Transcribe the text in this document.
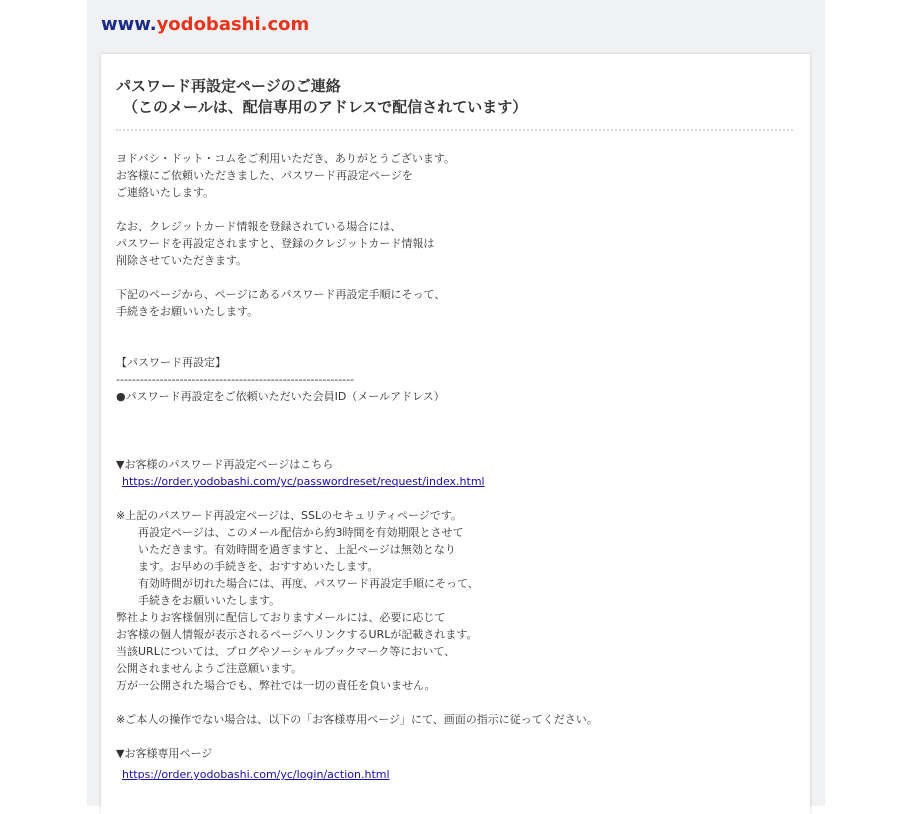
www.yodobashi.com
パスワード再設定ページのご連絡
（このメールは、配信専用のアドレスで配信されています）
ヨドバシ・ドット・コムをご利用いただき、ありがとうございます。
お客様にご依頼いただきました、パスワード再設定ページを
ご連絡いたします。
なお、クレジットカード情報を登録されている場合には、
パスワードを再設定されますと、登録のクレジットカード情報は
削除させていただきます。
下記のページから、ページにあるパスワード再設定手順にそって、
手続きをお願いいたします。
【パスワード再設定】
------------------------------------------------------------
●パスワード再設定をご依頼いただいた会員ID（メールアドレス）
▼お客様のパスワード再設定ページはこちら
https://order.yodobashi.com/yc/passwordreset/request/index.html
※上記のパスワード再設定ページは、SSLのセキュリティページです。
再設定ページは、このメール配信から約3時間を有効期限とさせて
いただきます。有効時間を過ぎますと、上記ページは無効となり
ます。お早めの手続きを、おすすめいたします。
有効時間が切れた場合には、再度、パスワード再設定手順にそって、
手続きをお願いいたします。
弊社よりお客様個別に配信しておりますメールには、必要に応じて
お客様の個人情報が表示されるページへリンクするURLが記載されます。
当該URLについては、ブログやソーシャルブックマーク等において、
公開されませんようご注意願います。
万が一公開された場合でも、弊社では一切の責任を負いません。
※ご本人の操作でない場合は、以下の「お客様専用ページ」にて、画面の指示に従ってください。
▼お客様専用ページ
https://order.yodobashi.com/yc/login/action.html
